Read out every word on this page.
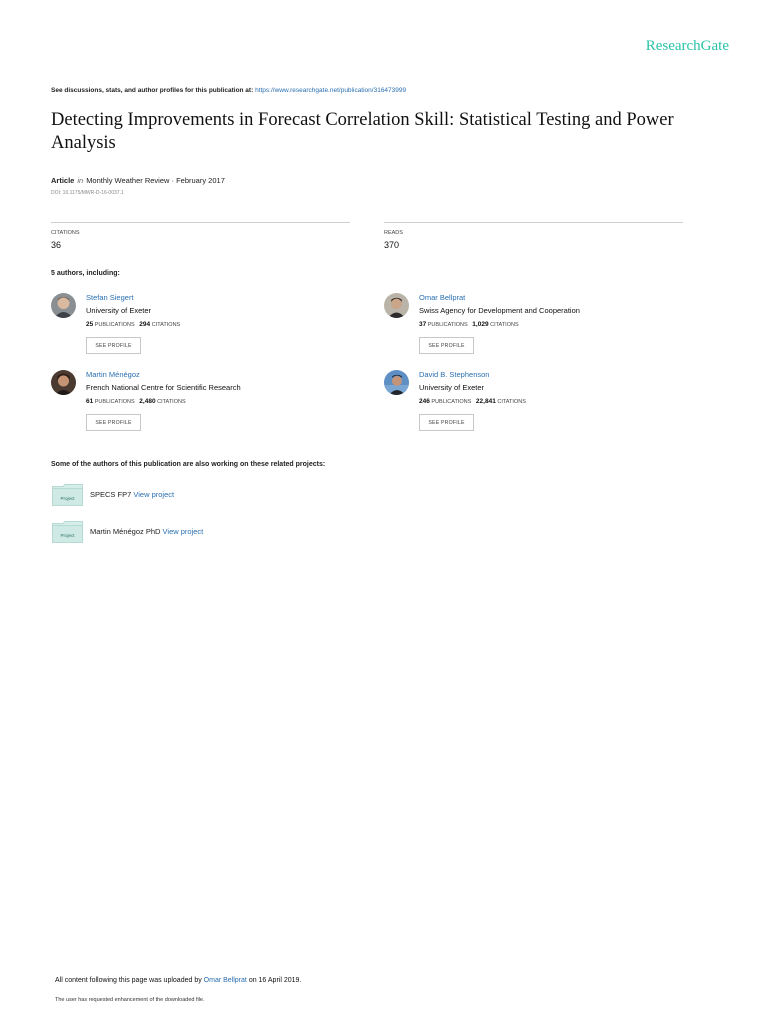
ResearchGate
See discussions, stats, and author profiles for this publication at: https://www.researchgate.net/publication/316473999
Detecting Improvements in Forecast Correlation Skill: Statistical Testing and Power Analysis
Article in Monthly Weather Review · February 2017
DOI: 10.1175/MWR-D-16-0037.1
CITATIONS
36
READS
370
5 authors, including:
Stefan Siegert
University of Exeter
25 PUBLICATIONS 294 CITATIONS
SEE PROFILE
Omar Bellprat
Swiss Agency for Development and Cooperation
37 PUBLICATIONS 1,029 CITATIONS
SEE PROFILE
Martin Ménégoz
French National Centre for Scientific Research
61 PUBLICATIONS 2,480 CITATIONS
SEE PROFILE
David B. Stephenson
University of Exeter
246 PUBLICATIONS 22,841 CITATIONS
SEE PROFILE
Some of the authors of this publication are also working on these related projects:
Project SPECS FP7 View project
Project Martin Ménégoz PhD View project
All content following this page was uploaded by Omar Bellprat on 16 April 2019.
The user has requested enhancement of the downloaded file.
